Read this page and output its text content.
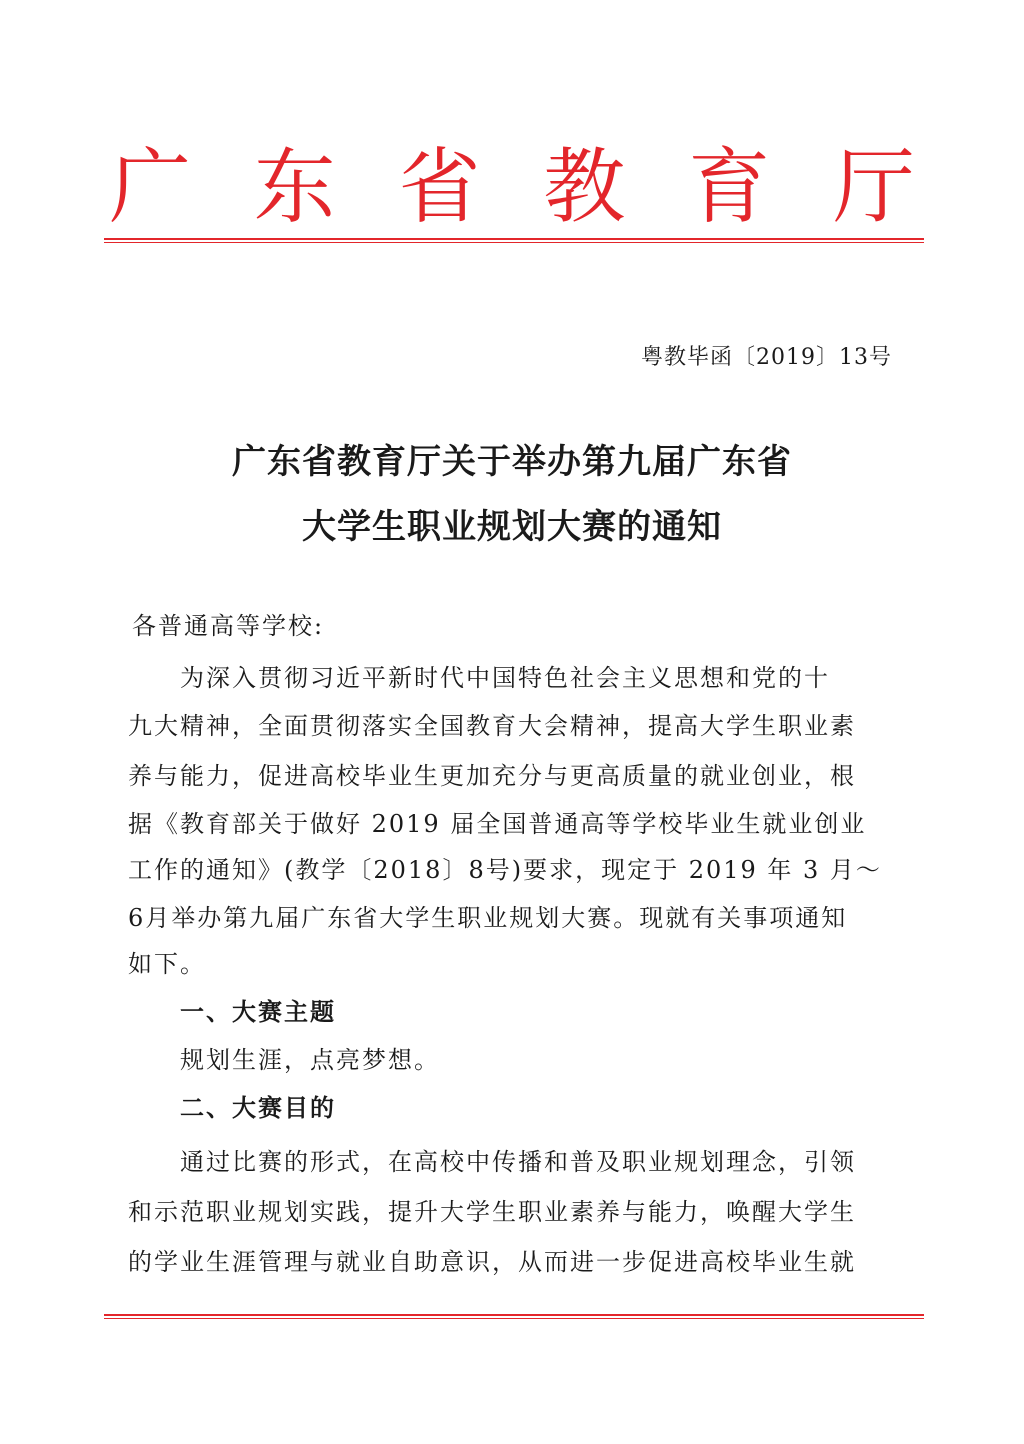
广 东 省 教 育 厅
粤教毕函〔2019〕13号
广东省教育厅关于举办第九届广东省
大学生职业规划大赛的通知
各普通高等学校:
为深入贯彻习近平新时代中国特色社会主义思想和党的十
九大精神，全面贯彻落实全国教育大会精神，提高大学生职业素
养与能力，促进高校毕业生更加充分与更高质量的就业创业，根
据《教育部关于做好 2019 届全国普通高等学校毕业生就业创业
工作的通知》(教学〔2018〕8号)要求，现定于 2019 年 3 月～
6月举办第九届广东省大学生职业规划大赛。现就有关事项通知
如下。
一、大赛主题
规划生涯，点亮梦想。
二、大赛目的
通过比赛的形式，在高校中传播和普及职业规划理念，引领
和示范职业规划实践，提升大学生职业素养与能力，唤醒大学生
的学业生涯管理与就业自助意识，从而进一步促进高校毕业生就
